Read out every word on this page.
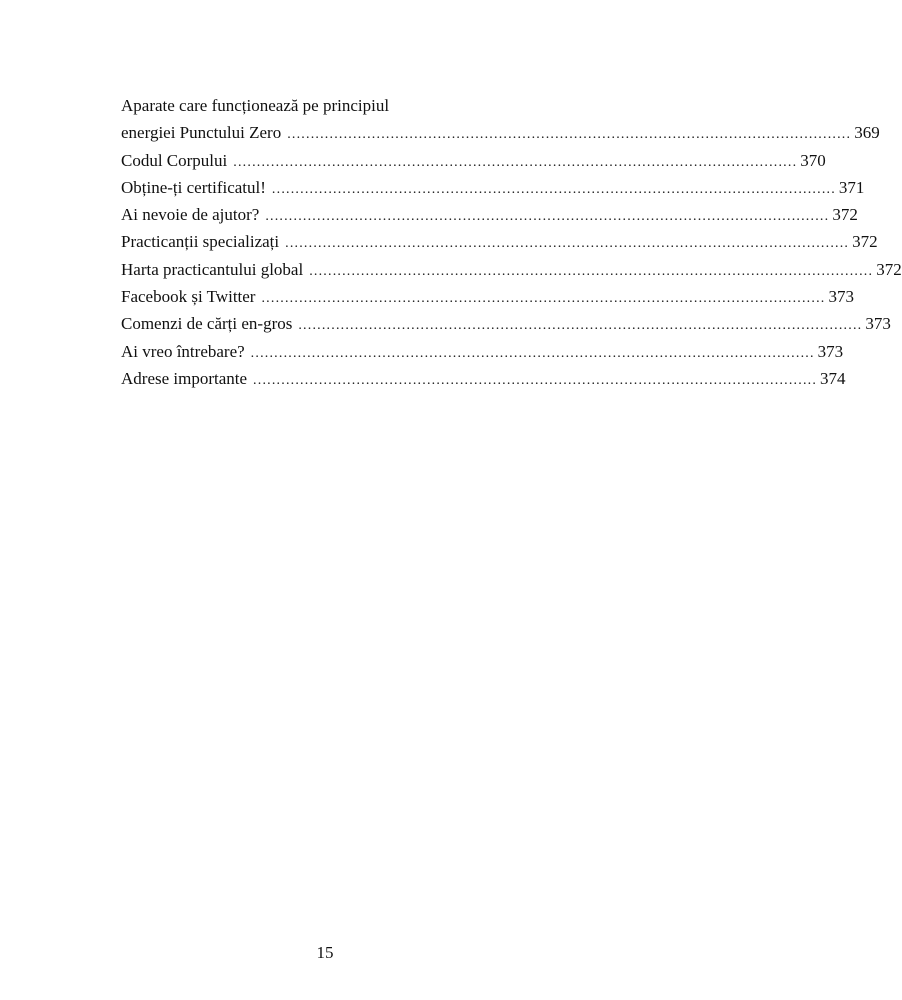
Aparate care funcționează pe principiul
energiei Punctului Zero ........................................................................................................................ 369
Codul Corpului ........................................................................................................................ 370
Obține-ți certificatul! ........................................................................................................................ 371
Ai nevoie de ajutor? ........................................................................................................................ 372
Practicanții specializați ........................................................................................................................ 372
Harta practicantului global ........................................................................................................................ 372
Facebook și Twitter ........................................................................................................................ 373
Comenzi de cărți en-gros ........................................................................................................................ 373
Ai vreo întrebare? ........................................................................................................................ 373
Adrese importante ........................................................................................................................ 374
15
